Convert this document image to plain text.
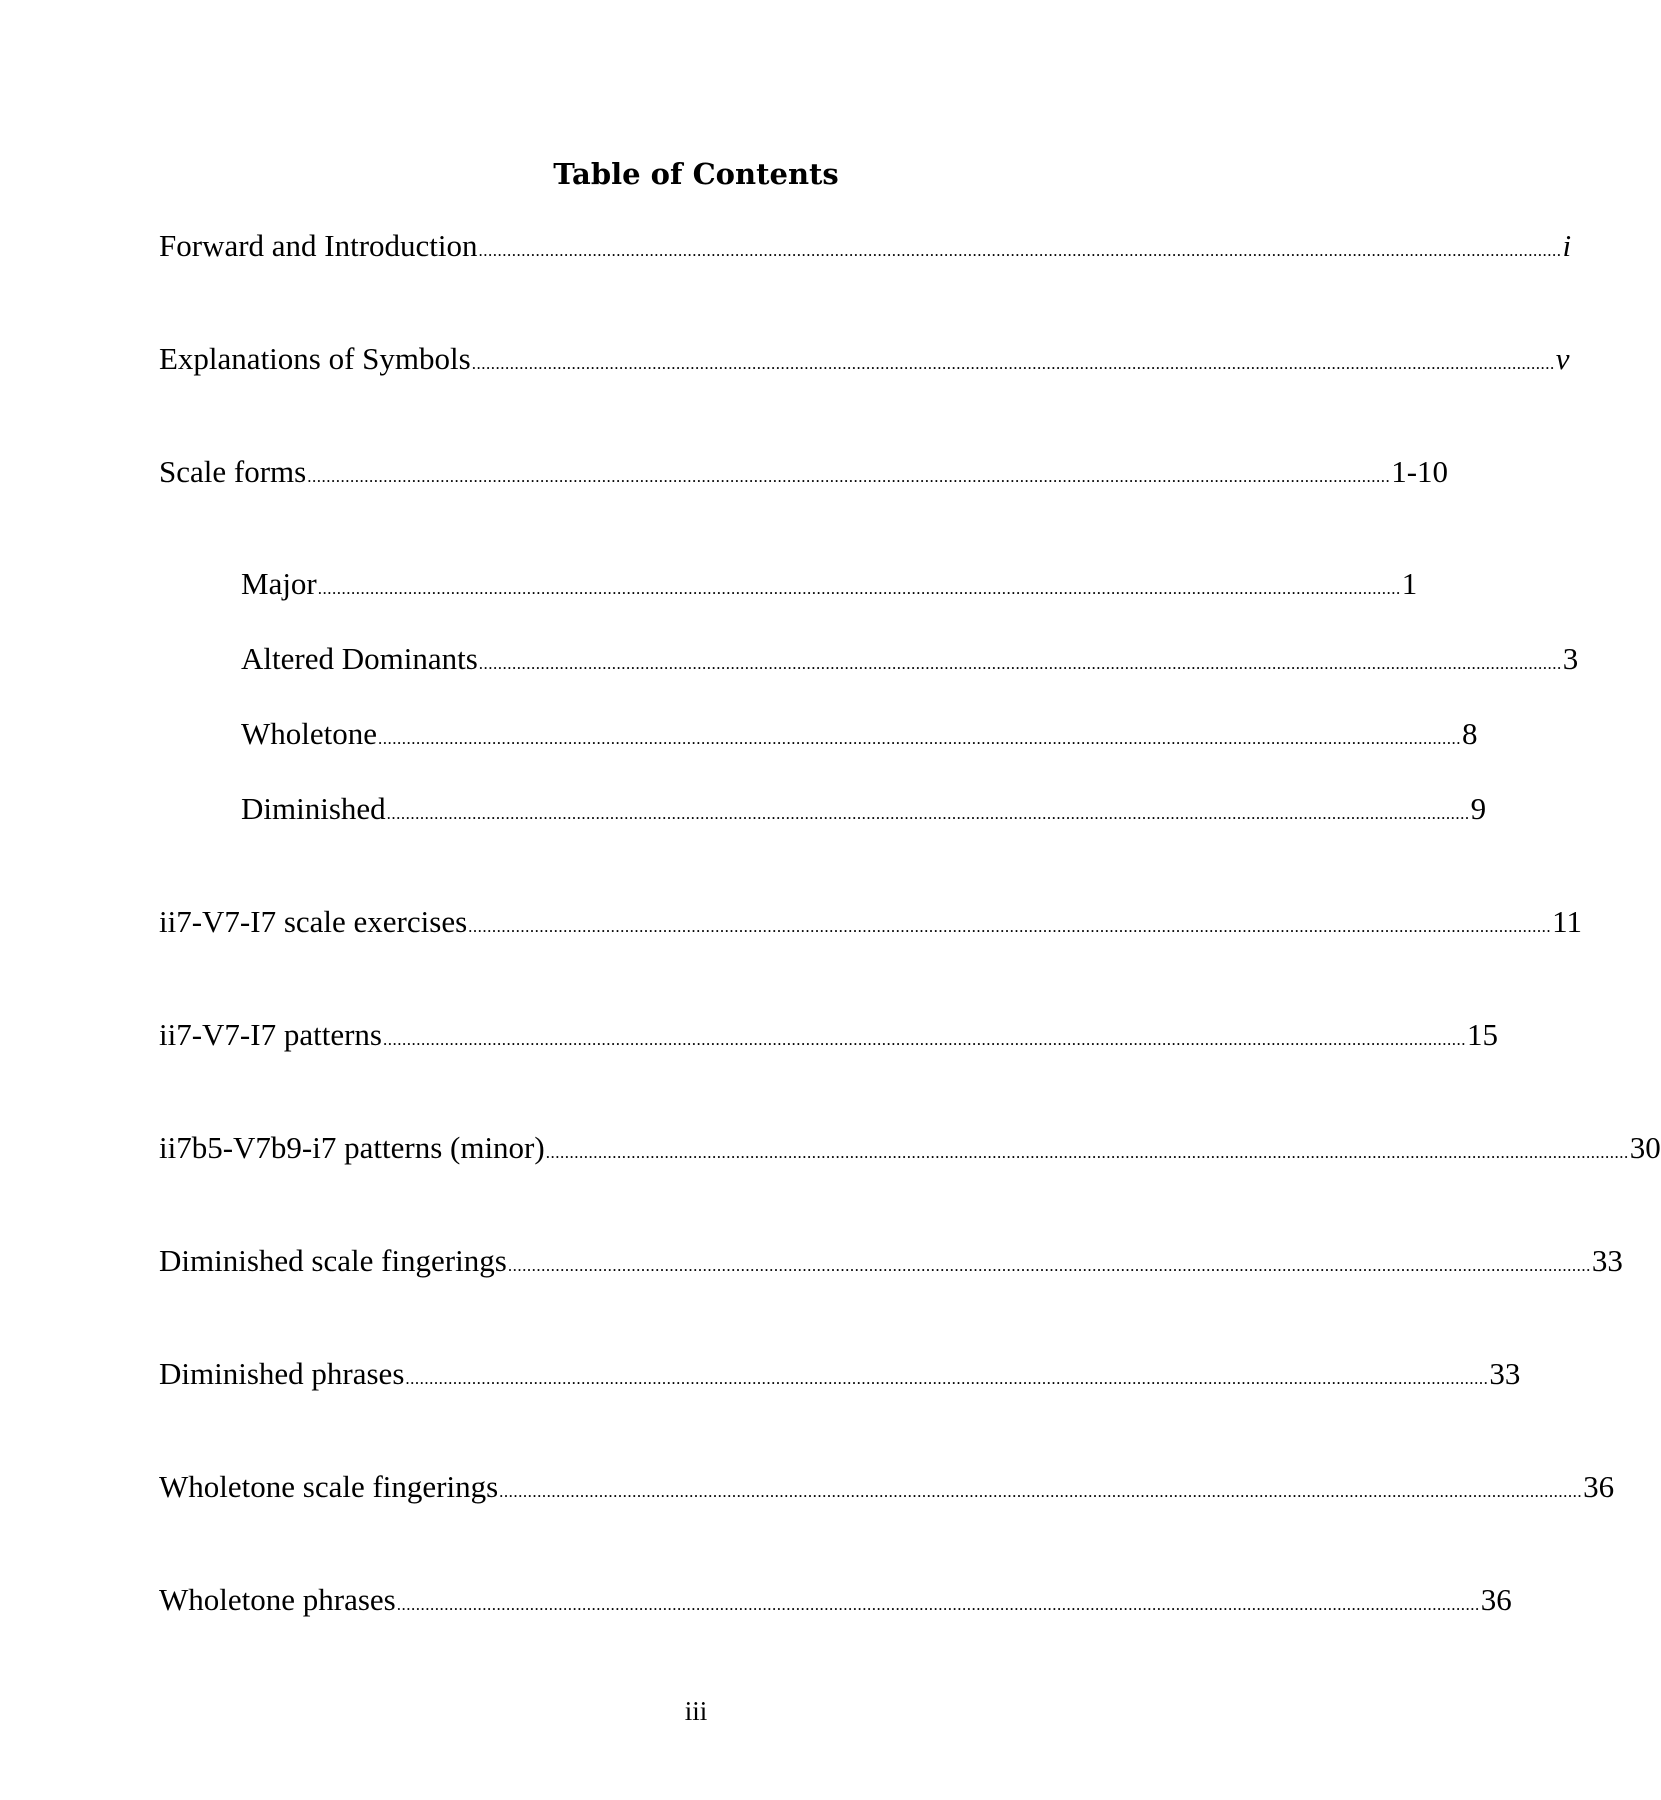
Table of Contents
Forward and Introduction .................................................................................................................................................................................................................................... i
Explanations of Symbols .................................................................................................................................................................................................................................... v
Scale forms .................................................................................................................................................................................................................................... 1-10
Major .................................................................................................................................................................................................................................... 1
Altered Dominants .................................................................................................................................................................................................................................... 3
Wholetone .................................................................................................................................................................................................................................... 8
Diminished .................................................................................................................................................................................................................................... 9
ii7-V7-I7 scale exercises .................................................................................................................................................................................................................................... 11
ii7-V7-I7 patterns .................................................................................................................................................................................................................................... 15
ii7b5-V7b9-i7 patterns (minor) .................................................................................................................................................................................................................................... 30
Diminished scale fingerings .................................................................................................................................................................................................................................... 33
Diminished phrases .................................................................................................................................................................................................................................... 33
Wholetone scale fingerings .................................................................................................................................................................................................................................... 36
Wholetone phrases .................................................................................................................................................................................................................................... 36
iii
